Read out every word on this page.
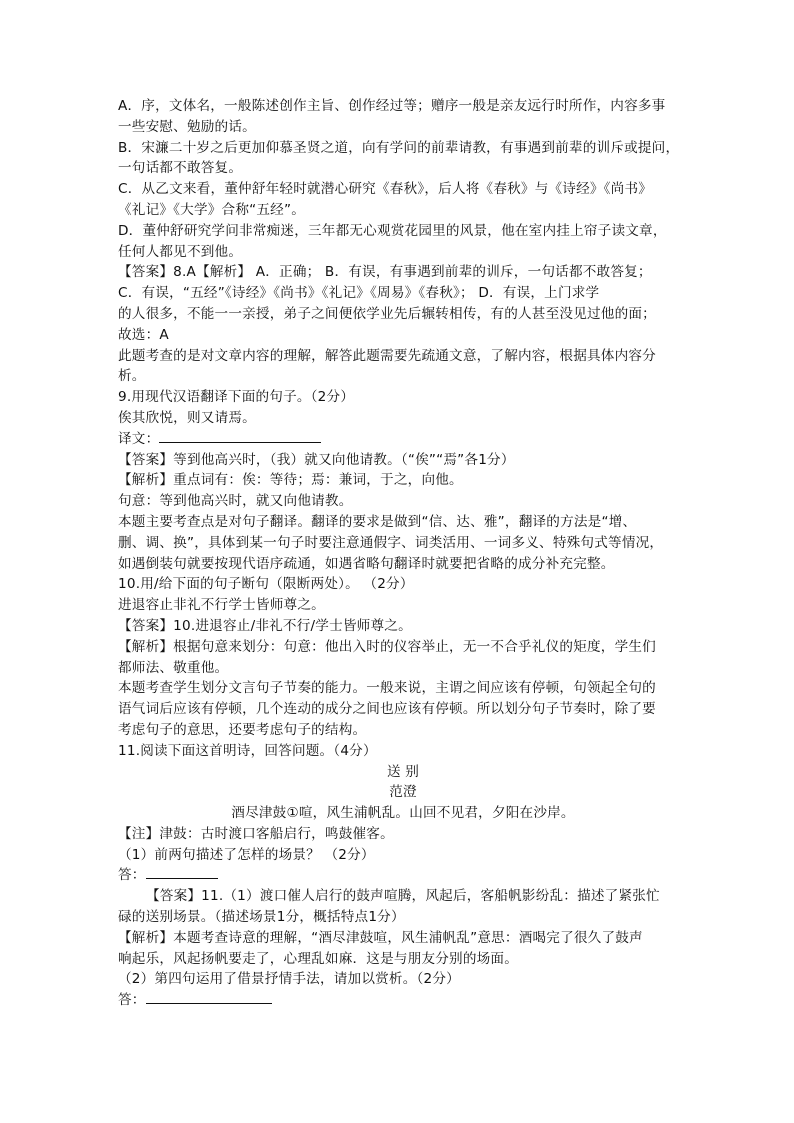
A．序，文体名，一般陈述创作主旨、创作经过等；赠序一般是亲友远行时所作，内容多事
一些安慰、勉励的话。
B．宋濂二十岁之后更加仰慕圣贤之道，向有学问的前辈请教，有事遇到前辈的训斥或提问，
一句话都不敢答复。
C．从乙文来看，董仲舒年轻时就潜心研究《春秋》，后人将《春秋》与《诗经》《尚书》
《礼记》《大学》合称“五经”。
D．董仲舒研究学问非常痴迷，三年都无心观赏花园里的风景，他在室内挂上帘子读文章，
任何人都见不到他。
【答案】8.A【解析】 A．正确； B．有误，有事遇到前辈的训斥，一句话都不敢答复；
C．有误，“五经”《诗经》《尚书》《礼记》《周易》《春秋》； D．有误，上门求学
的人很多，不能一一亲授，弟子之间便依学业先后辗转相传，有的人甚至没见过他的面；
故选：A
此题考查的是对文章内容的理解，解答此题需要先疏通文意，了解内容，根据具体内容分
析。
9.用现代汉语翻译下面的句子。（2分）
俟其欣悦，则又请焉。
译文：
【答案】等到他高兴时，（我）就又向他请教。（“俟”“焉”各1分）
【解析】重点词有：俟：等待；焉：兼词，于之，向他。
句意：等到他高兴时，就又向他请教。
本题主要考查点是对句子翻译。翻译的要求是做到“信、达、雅”，翻译的方法是“增、
删、调、换”，具体到某一句子时要注意通假字、词类活用、一词多义、特殊句式等情况，
如遇倒装句就要按现代语序疏通，如遇省略句翻译时就要把省略的成分补充完整。
10.用/给下面的句子断句（限断两处）。 （2分）
进退容止非礼不行学士皆师尊之。
【答案】10.进退容止/非礼不行/学士皆师尊之。
【解析】根据句意来划分：句意：他出入时的仪容举止，无一不合乎礼仪的矩度，学生们
都师法、敬重他。
本题考查学生划分文言句子节奏的能力。一般来说，主谓之间应该有停顿，句领起全句的
语气词后应该有停顿，几个连动的成分之间也应该有停顿。所以划分句子节奏时，除了要
考虑句子的意思，还要考虑句子的结构。
11.阅读下面这首明诗，回答问题。（4分）
送 别
范澄
酒尽津鼓①喧，风生浦帆乱。山回不见君，夕阳在沙岸。
【注】津鼓：古时渡口客船启行，鸣鼓催客。
（1）前两句描述了怎样的场景？ （2分）
答：
【答案】11.（1）渡口催人启行的鼓声喧腾，风起后，客船帆影纷乱：描述了紧张忙
碌的送别场景。（描述场景1分，概括特点1分）
【解析】本题考查诗意的理解，“酒尽津鼓喧，风生浦帆乱”意思：酒喝完了很久了鼓声
响起乐，风起扬帆要走了，心理乱如麻．这是与朋友分别的场面。
（2）第四句运用了借景抒情手法，请加以赏析。（2分）
答：
